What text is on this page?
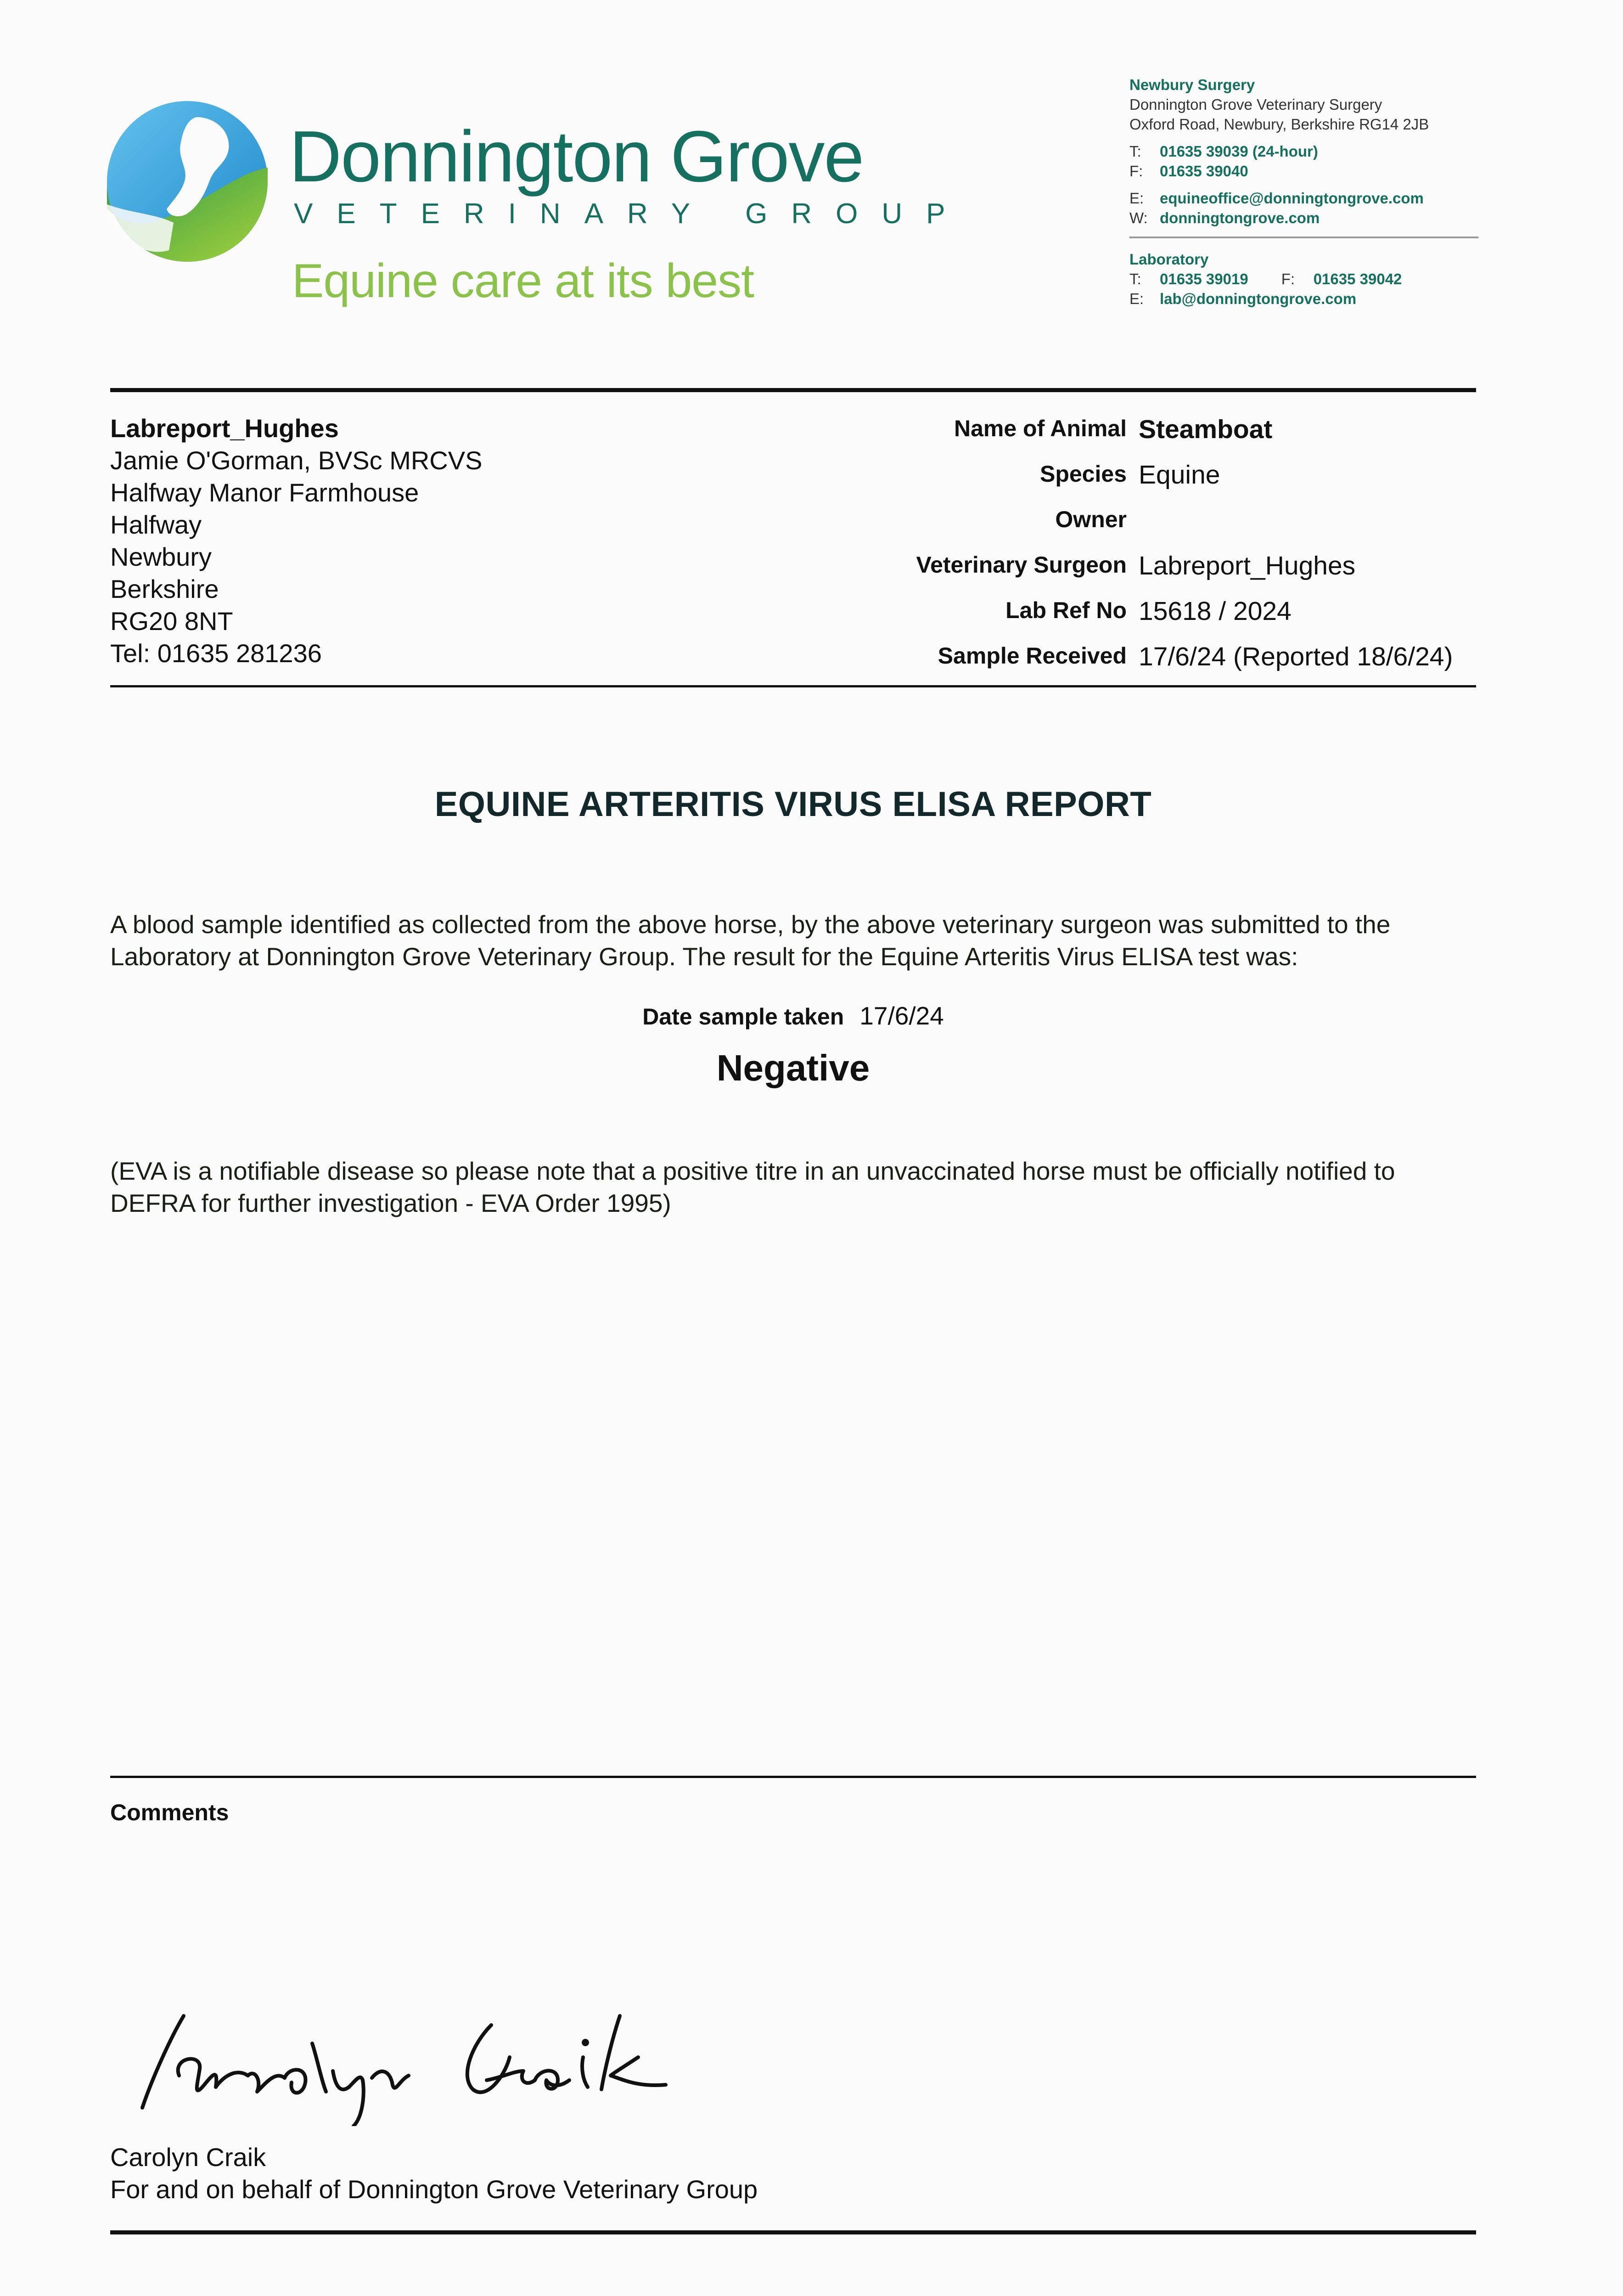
Donnington Grove
VETERINARY GROUP
Equine care at its best
Newbury Surgery
Donnington Grove Veterinary Surgery
Oxford Road, Newbury, Berkshire RG14 2JB
T:	01635 39039 (24-hour)
F:	01635 39040
E:	equineoffice@donningtongrove.com
W: donningtongrove.com
Laboratory
T:	01635 39019 F:	01635 39042
E:	lab@donningtongrove.com
Labreport_Hughes
Jamie O'Gorman, BVSc MRCVS
Halfway Manor Farmhouse
Halfway
Newbury
Berkshire
RG20 8NT
Tel: 01635 281236
Name of Animal Steamboat
Species Equine
Owner
Veterinary Surgeon Labreport_Hughes
Lab Ref No 15618 / 2024
Sample Received 17/6/24 (Reported 18/6/24)
EQUINE ARTERITIS VIRUS ELISA REPORT
A blood sample identified as collected from the above horse, by the above veterinary surgeon was submitted to the Laboratory at Donnington Grove Veterinary Group. The result for the Equine Arteritis Virus ELISA test was:
Date sample taken 17/6/24
Negative
(EVA is a notifiable disease so please note that a positive titre in an unvaccinated horse must be officially notified to DEFRA for further investigation - EVA Order 1995)
Comments
Carolyn Craik
For and on behalf of Donnington Grove Veterinary Group
